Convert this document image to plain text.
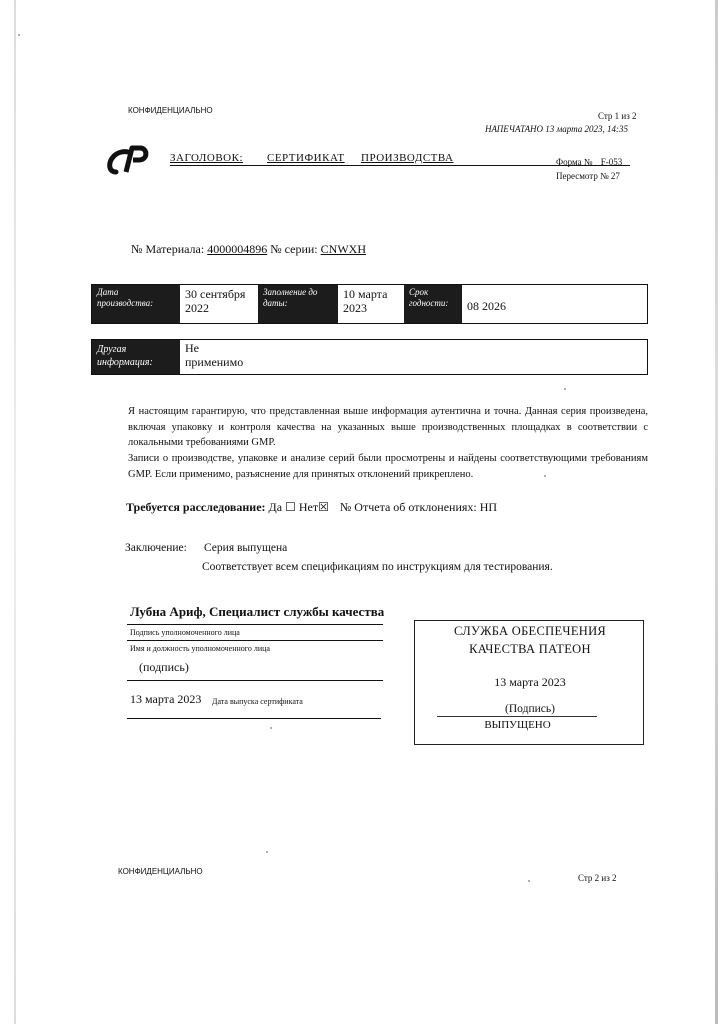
КОНФИДЕНЦИАЛЬНО
Стр 1 из 2
НАПЕЧАТАНО 13 марта 2023, 14:35
ЗАГОЛОВОК: СЕРТИФИКАТ ПРОИЗВОДСТВА	Форма № F-053
Пересмотр № 27
№ Материала: 4000004896 № серии: CNWXH
Дата производства:
30 сентября 2022
Заполнение до даты:
10 марта 2023
Срок годности:	08 2026
Другая информация:
Не применимо
Я настоящим гарантирую, что представленная выше информация аутентична и точна. Данная серия произведена, включая упаковку и контроля качества на указанных выше производственных площадках в соответствии с локальными требованиями GMP.
Записи о производстве, упаковке и анализе серий были просмотрены и найдены соответствующими требованиям GMP. Если применимо, разъяснение для принятых отклонений прикреплено.
Требуется расследование: Да ☐ Нет☒ № Отчета об отклонениях: НП
Заключение: Серия выпущена
Соответствует всем спецификациям по инструкциям для тестирования.
Лубна Ариф, Специалист службы качества
Подпись уполномоченного лица
Имя и должность уполномоченного лица
(подпись)
13 марта 2023 Дата выпуска сертификата
СЛУЖБА ОБЕСПЕЧЕНИЯ
КАЧЕСТВА ПАТЕОН
13 марта 2023
(Подпись)
ВЫПУЩЕНО
КОНФИДЕНЦИАЛЬНО
Стр 2 из 2
